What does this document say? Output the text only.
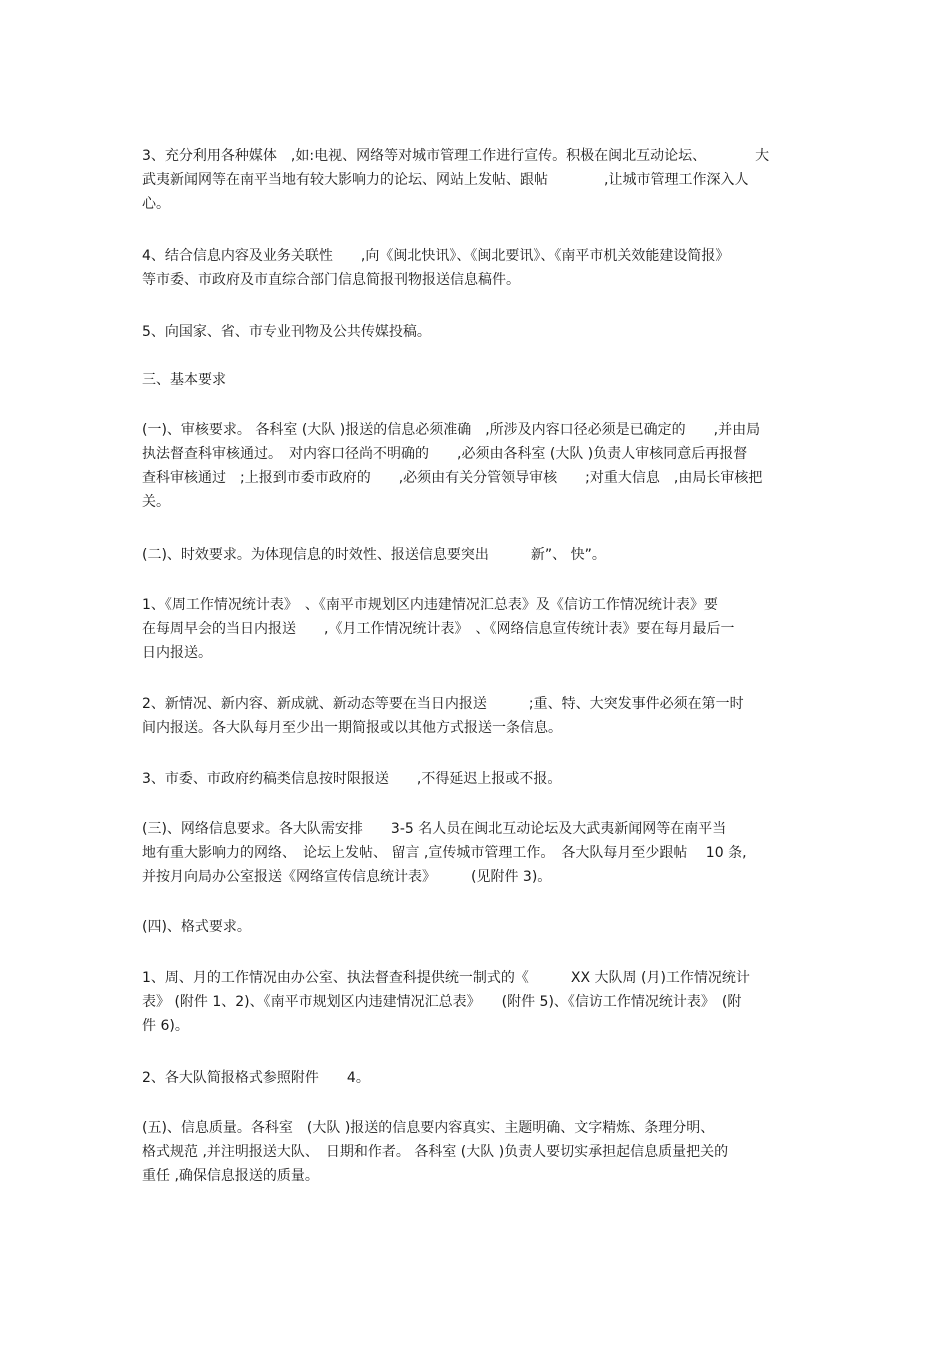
3、充分利用各种媒体　,如:电视、网络等对城市管理工作进行宣传。积极在闽北互动论坛、　　　　大
武夷新闻网等在南平当地有较大影响力的论坛、网站上发帖、跟帖　　　　,让城市管理工作深入人
心。
4、结合信息内容及业务关联性　　,向《闽北快讯》、《闽北要讯》、《南平市机关效能建设简报》
等市委、市政府及市直综合部门信息简报刊物报送信息稿件。
5、向国家、省、市专业刊物及公共传媒投稿。
三、基本要求
(一)、审核要求。 各科室 (大队 )报送的信息必须准确　,所涉及内容口径必须是已确定的　　,并由局
执法督查科审核通过。　对内容口径尚不明确的　　,必须由各科室 (大队 )负责人审核同意后再报督
查科审核通过　;上报到市委市政府的　　,必须由有关分管领导审核　　;对重大信息　,由局长审核把
关。
(二)、时效要求。为体现信息的时效性、报送信息要突出　　　新”、 快”。
1、《周工作情况统计表》　、《南平市规划区内违建情况汇总表》及《信访工作情况统计表》要
在每周早会的当日内报送　　,《月工作情况统计表》　、《网络信息宣传统计表》要在每月最后一
日内报送。
2、新情况、新内容、新成就、新动态等要在当日内报送　　　;重、特、大突发事件必须在第一时
间内报送。各大队每月至少出一期简报或以其他方式报送一条信息。
3、市委、市政府约稿类信息按时限报送　　,不得延迟上报或不报。
(三)、网络信息要求。各大队需安排　　3-5 名人员在闽北互动论坛及大武夷新闻网等在南平当
地有重大影响力的网络、　论坛上发帖、 留言 ,宣传城市管理工作。　各大队每月至少跟帖　 10 条,
并按月向局办公室报送《网络宣传信息统计表》　　　(见附件 3)。
(四)、格式要求。
1、周、月的工作情况由办公室、执法督查科提供统一制式的《　　　XX 大队周 (月)工作情况统计
表》 (附件 1、2)、《南平市规划区内违建情况汇总表》　　(附件 5)、《信访工作情况统计表》　(附
件 6)。
2、各大队简报格式参照附件　　4。
(五)、信息质量。各科室　(大队 )报送的信息要内容真实、主题明确、文字精炼、条理分明、
格式规范 ,并注明报送大队、　日期和作者。 各科室 (大队 )负责人要切实承担起信息质量把关的
重任 ,确保信息报送的质量。
